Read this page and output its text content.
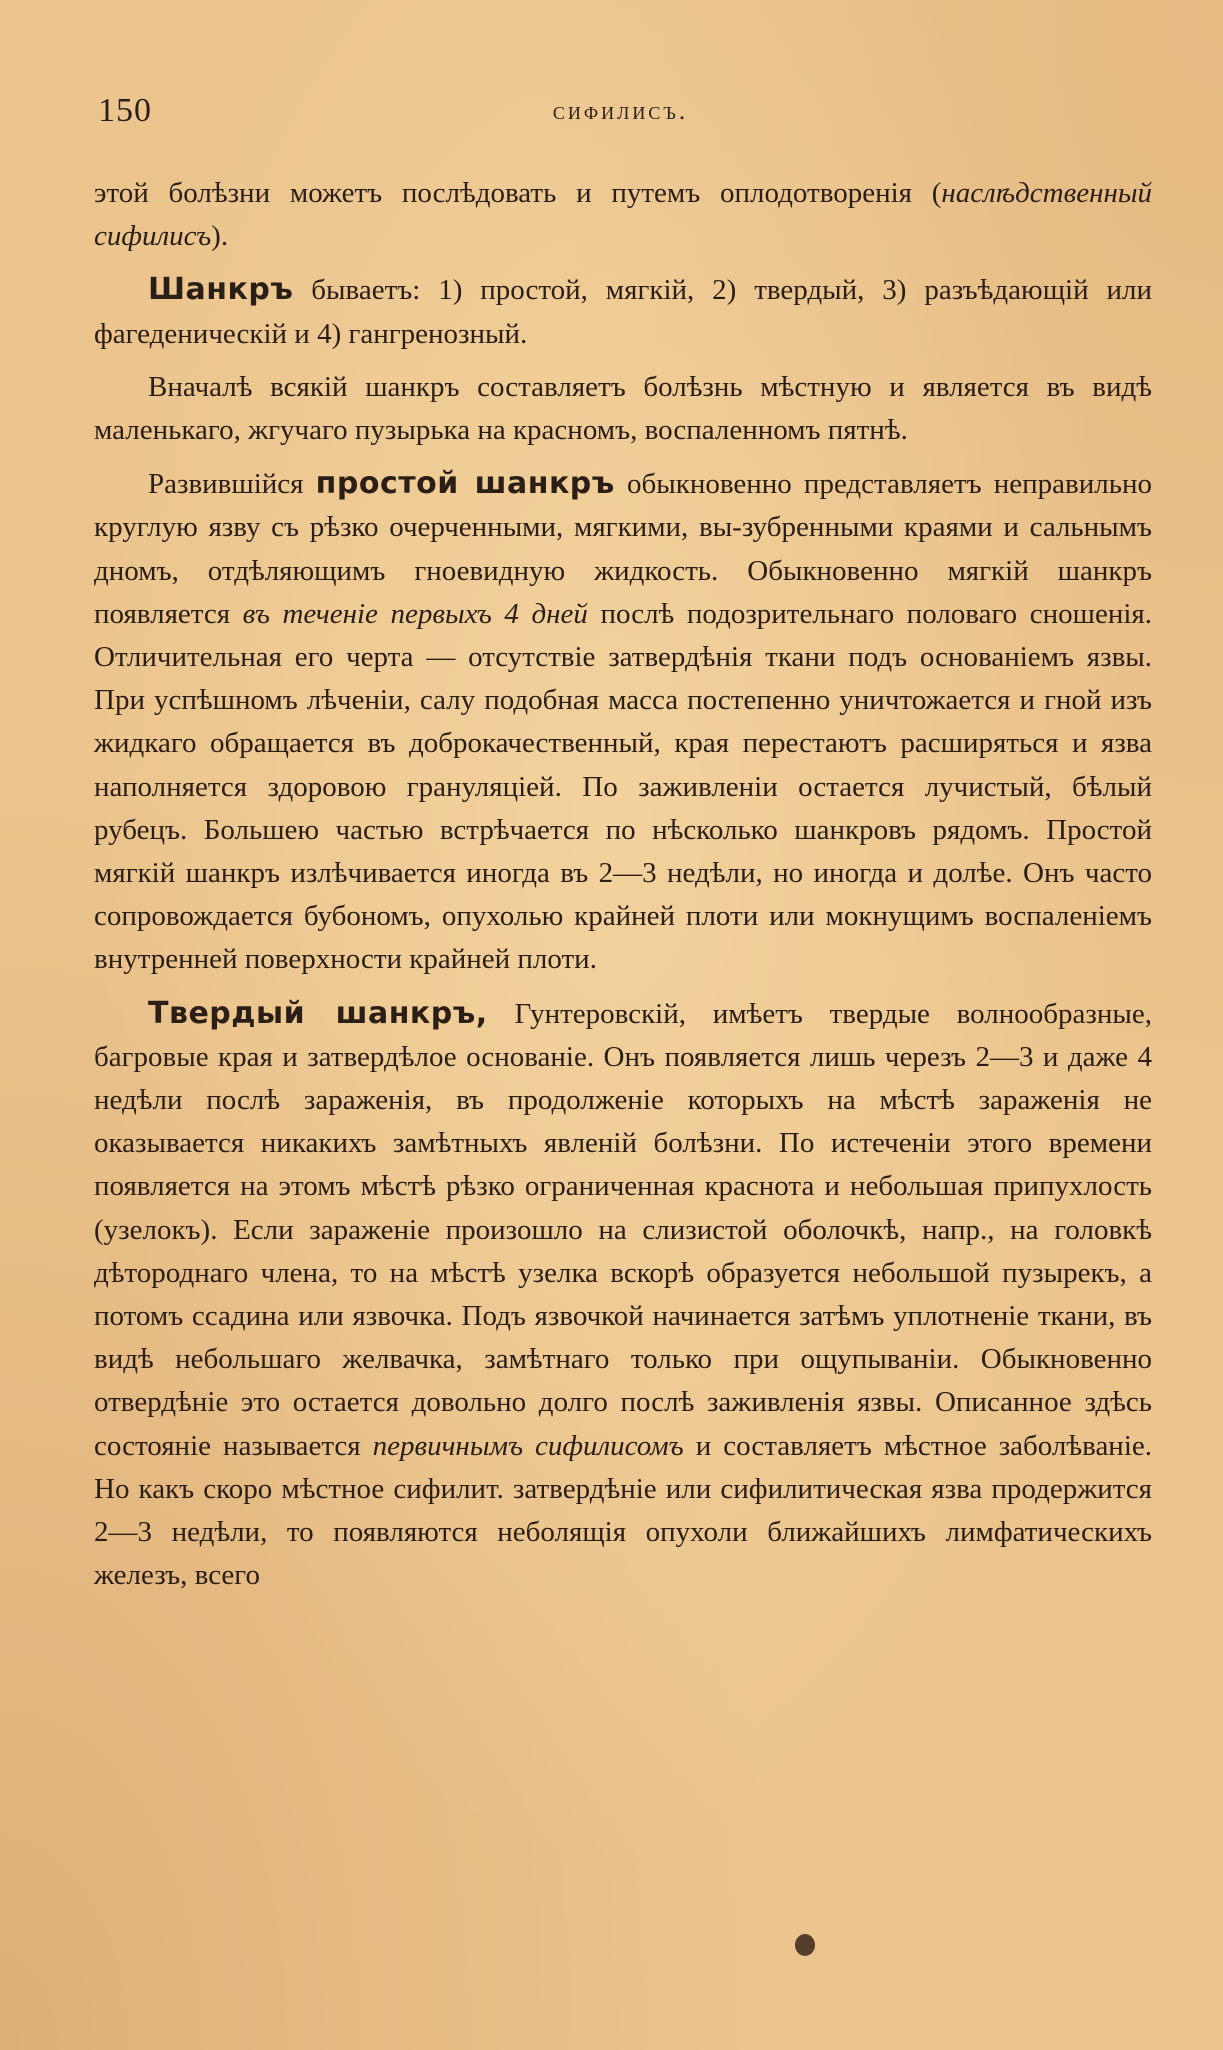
150	сифилисъ.

этой болѣзни можетъ послѣдовать и путемъ оплодотворенія (наслѣдственный сифилисъ).

Шанкръ бываетъ: 1) простой, мягкій, 2) твердый, 3) разъѣдающій или фагеденическій и 4) гангренозный.

Вначалѣ всякій шанкръ составляетъ болѣзнь мѣстную и является въ видѣ маленькаго, жгучаго пузырька на красномъ, воспаленномъ пятнѣ.

Развившійся простой шанкръ обыкновенно представляетъ неправильно круглую язву съ рѣзко очерченными, мягкими, вы-зубренными краями и сальнымъ дномъ, отдѣляющимъ гноевидную жидкость. Обыкновенно мягкій шанкръ появляется въ теченіе первыхъ 4 дней послѣ подозрительнаго половаго сношенія. Отличительная его черта — отсутствіе затвердѣнія ткани подъ основаніемъ язвы. При успѣшномъ лѣченіи, салу подобная масса постепенно уничтожается и гной изъ жидкаго обращается въ доброкачественный, края перестаютъ расширяться и язва наполняется здоровою грануляціей. По заживленіи остается лучистый, бѣлый рубецъ. Большею частью встрѣчается по нѣсколько шанкровъ рядомъ. Простой мягкій шанкръ излѣчивается иногда въ 2—3 недѣли, но иногда и долѣе. Онъ часто сопровождается бубономъ, опухолью крайней плоти или мокнущимъ воспаленіемъ внутренней поверхности крайней плоти.

Твердый шанкръ, Гунтеровскій, имѣетъ твердые волнообразные, багровые края и затвердѣлое основаніе. Онъ появляется лишь черезъ 2—3 и даже 4 недѣли послѣ зараженія, въ продолженіе которыхъ на мѣстѣ зараженія не оказывается никакихъ замѣтныхъ явленій болѣзни. По истеченіи этого времени появляется на этомъ мѣстѣ рѣзко ограниченная краснота и небольшая припухлость (узелокъ). Если зараженіе произошло на слизистой оболочкѣ, напр., на головкѣ дѣтороднаго члена, то на мѣстѣ узелка вскорѣ образуется небольшой пузырекъ, а потомъ ссадина или язвочка. Подъ язвочкой начинается затѣмъ уплотненіе ткани, въ видѣ небольшаго желвачка, замѣтнаго только при ощупываніи. Обыкновенно отвердѣніе это остается довольно долго послѣ заживленія язвы. Описанное здѣсь состояніе называется первичнымъ сифилисомъ и составляетъ мѣстное заболѣваніе. Но какъ скоро мѣстное сифилит. затвердѣніе или сифилитическая язва продержится 2—3 недѣли, то появляются неболящія опухоли ближайшихъ лимфатическихъ железъ, всего
